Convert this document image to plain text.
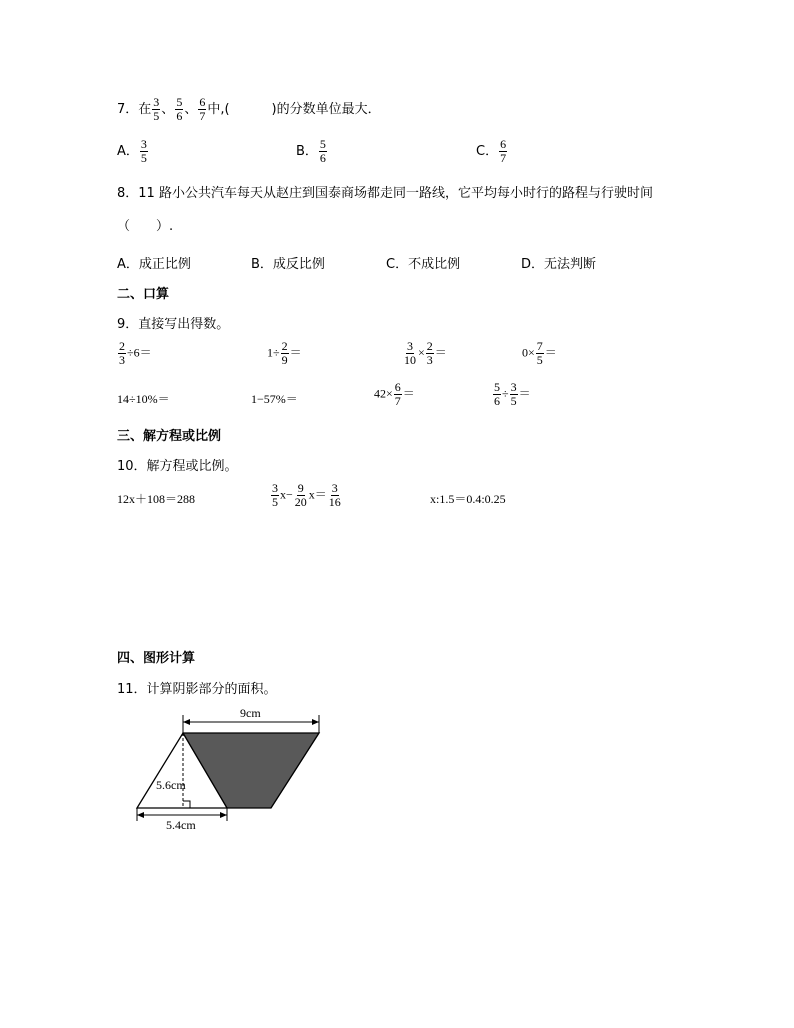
7．在 $\frac{3}{5}$ 、 $\frac{5}{6}$ 、 $\frac{6}{7}$ 中,(	)的分数单位最大．
A． $\frac{3}{5}$	B． $\frac{5}{6}$	C． $\frac{6}{7}$
8．11 路小公共汽车每天从赵庄到国泰商场都走同一路线，它平均每小时行的路程与行驶时间
（　　）.
A．成正比例	B．成反比例	C．不成比例	D．无法判断
二、口算
9．直接写出得数。
$\frac{2}{3} \div 6=$	$1\div \frac{2}{9}$ ＝	$\frac{3}{10} \times \frac{2}{3}$ ＝	$0\times \frac{7}{5}$ ＝
14÷10%＝	1−57%＝	$42\times \frac{6}{7}$ ＝	$\frac{5}{6} \div \frac{3}{5}$ ＝
三、解方程或比例
10．解方程或比例。
12x＋108＝288	$\frac{3}{5} x- \frac{9}{20} x= \frac{3}{16}$	x:1.5＝0.4:0.25
四、图形计算
11．计算阴影部分的面积。
9cm
5.6cm
5.4cm
